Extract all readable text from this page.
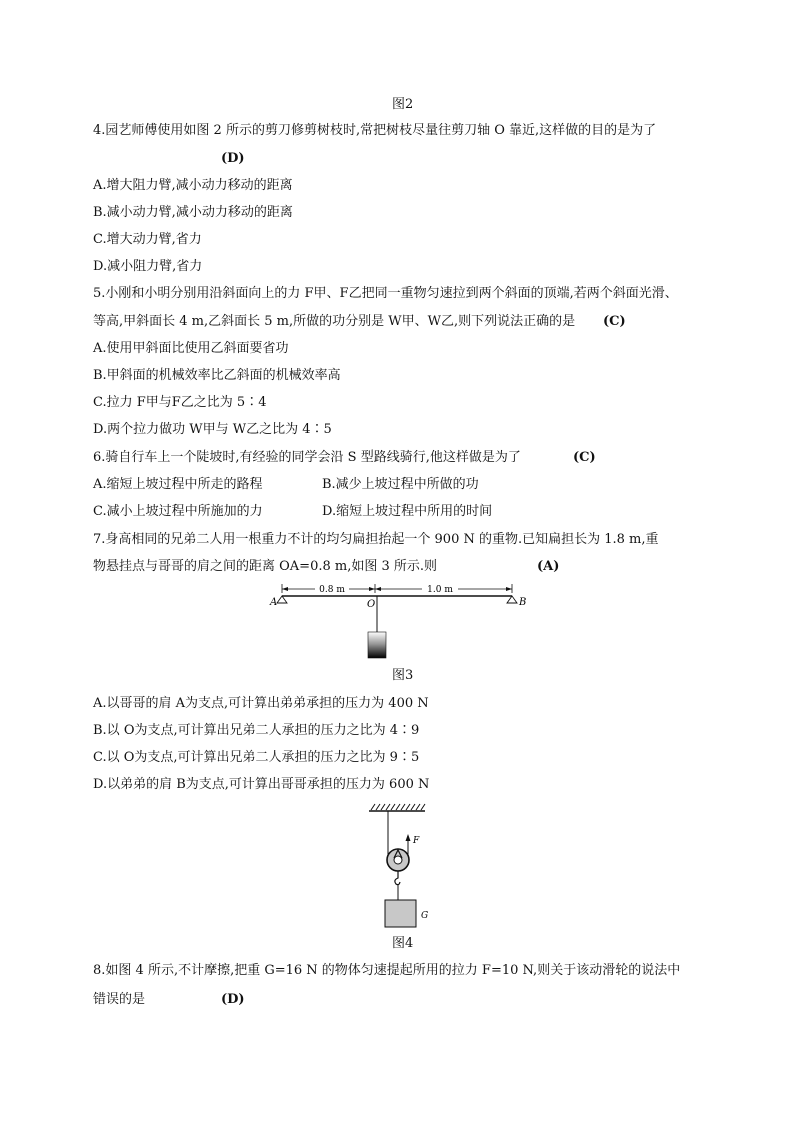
图2
4.园艺师傅使用如图 2 所示的剪刀修剪树枝时,常把树枝尽量往剪刀轴 O 靠近,这样做的目的是为了
(D)
A.增大阻力臂,减小动力移动的距离
B.减小动力臂,减小动力移动的距离
C.增大动力臂,省力
D.减小阻力臂,省力
5.小刚和小明分别用沿斜面向上的力 F甲、F乙把同一重物匀速拉到两个斜面的顶端,若两个斜面光滑、
等高,甲斜面长 4 m,乙斜面长 5 m,所做的功分别是 W甲、W乙,则下列说法正确的是 (C)
A.使用甲斜面比使用乙斜面要省功
B.甲斜面的机械效率比乙斜面的机械效率高
C.拉力 F甲与F乙之比为 5∶4
D.两个拉力做功 W甲与 W乙之比为 4∶5
6.骑自行车上一个陡坡时,有经验的同学会沿 S 型路线骑行,他这样做是为了	(C)
A.缩短上坡过程中所走的路程	B.减少上坡过程中所做的功
C.减小上坡过程中所施加的力	D.缩短上坡过程中所用的时间
7.身高相同的兄弟二人用一根重力不计的均匀扁担抬起一个 900 N 的重物.已知扁担长为 1.8 m,重
物悬挂点与哥哥的肩之间的距离 OA=0.8 m,如图 3 所示.则	(A)
0.8 m	1.0 m
A	O	B
图3
A.以哥哥的肩 A为支点,可计算出弟弟承担的压力为 400 N
B.以 O为支点,可计算出兄弟二人承担的压力之比为 4∶9
C.以 O为支点,可计算出兄弟二人承担的压力之比为 9∶5
D.以弟弟的肩 B为支点,可计算出哥哥承担的压力为 600 N
F
G
图4
8.如图 4 所示,不计摩擦,把重 G=16 N 的物体匀速提起所用的拉力 F=10 N,则关于该动滑轮的说法中
错误的是	(D)
